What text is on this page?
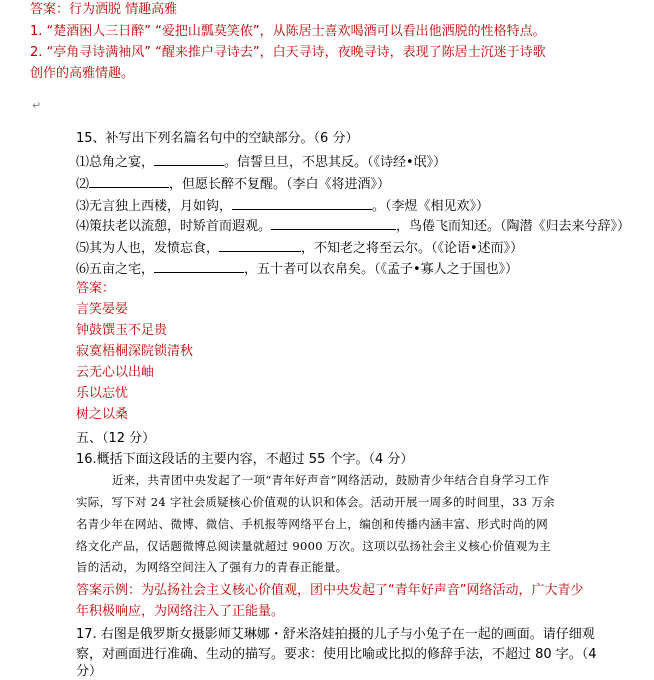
答案：行为洒脱 情趣高雅
1. “楚酒困人三日醉” “爱把山瓢莫笑侬”，从陈居士喜欢喝酒可以看出他洒脱的性格特点。
2. “亭角寻诗满袖风” “醒来推户寻诗去”，白天寻诗，夜晚寻诗，表现了陈居士沉迷于诗歌
创作的高雅情趣。
↵
15、补写出下列名篇名句中的空缺部分。（6 分）
⑴总角之宴，	。信誓旦旦，不思其反。（《诗经•氓》）
⑵	，但愿长醉不复醒。（李白《将进酒》）
⑶无言独上西楼，月如钩，	。（李煜《相见欢》）
⑷策扶老以流憩，时矫首而遐观。	，鸟倦飞而知还。（陶潜《归去来兮辞》）
⑸其为人也，发愤忘食，	，不知老之将至云尔。（《论语•述而》）
⑹五亩之宅，	，五十者可以衣帛矣。（《孟子•寡人之于国也》）
答案：
言笑晏晏
钟鼓馔玉不足贵
寂寞梧桐深院锁清秋
云无心以出岫
乐以忘忧
树之以桑
五、（12 分）
16.概括下面这段话的主要内容，不超过 55 个字。（4 分）
近来，共青团中央发起了一项“青年好声音”网络活动，鼓励青少年结合自身学习工作
实际，写下对 24 字社会质疑核心价值观的认识和体会。活动开展一周多的时间里，33 万余
名青少年在网站、微博、微信、手机报等网络平台上，编创和传播内涵丰富、形式时尚的网
络文化产品，仅话题微博总阅读量就超过 9000 万次。这项以弘扬社会主义核心价值观为主
旨的活动，为网络空间注入了强有力的青春正能量。
答案示例：为弘扬社会主义核心价值观，团中央发起了“青年好声音”网络活动，广大青少
年积极响应，为网络注入了正能量。
17. 右图是俄罗斯女摄影师艾琳娜・舒米洛娃拍摄的儿子与小兔子在一起的画面。请仔细观
察，对画面进行准确、生动的描写。要求：使用比喻或比拟的修辞手法，不超过 80 字。（4
分）
